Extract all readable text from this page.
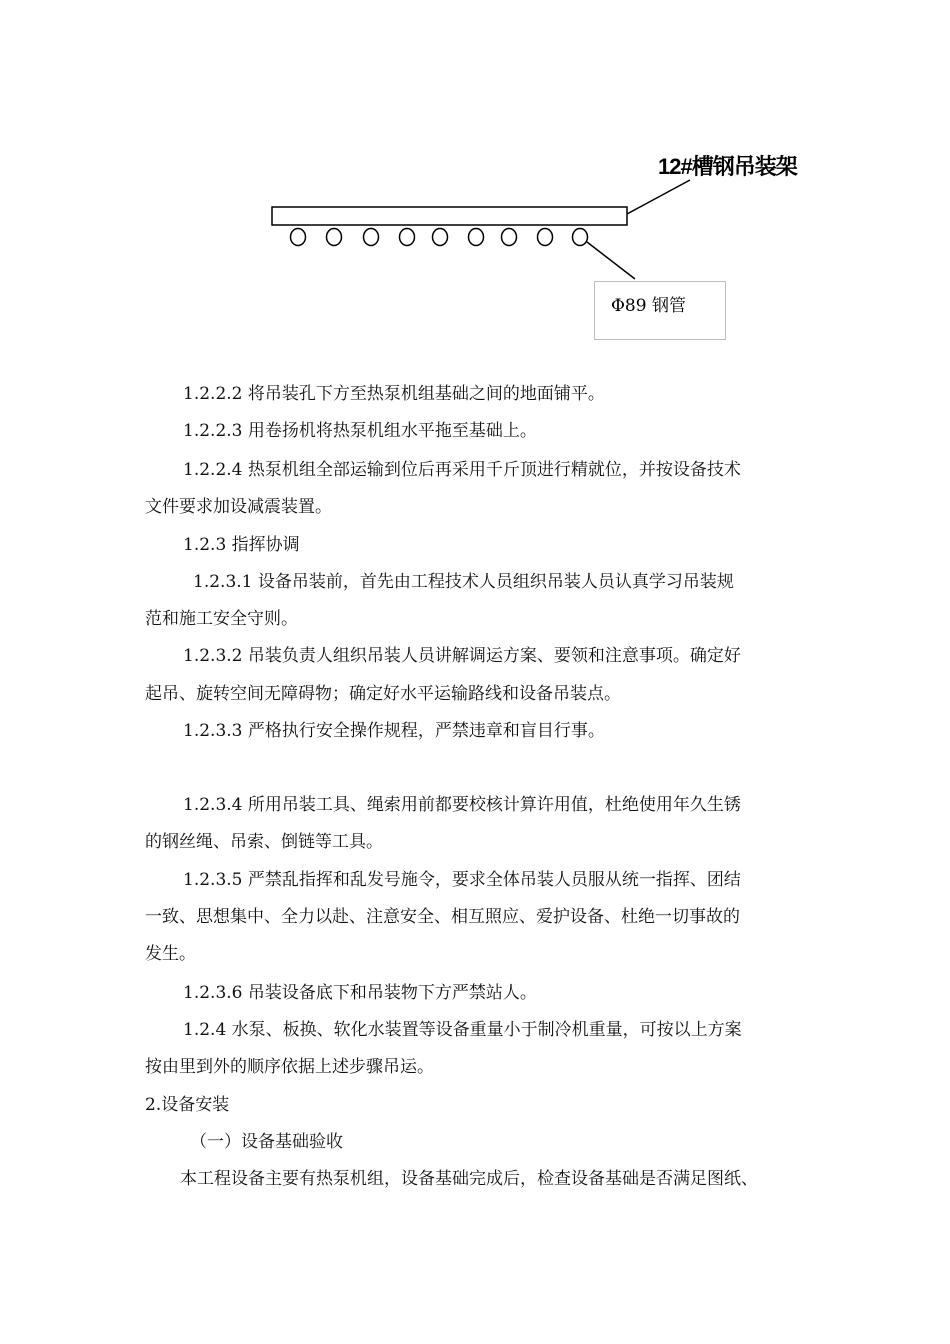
12#槽钢吊装架
Φ89 钢管
1.2.2.2 将吊装孔下方至热泵机组基础之间的地面铺平。
1.2.2.3 用卷扬机将热泵机组水平拖至基础上。
1.2.2.4 热泵机组全部运输到位后再采用千斤顶进行精就位，并按设备技术
文件要求加设减震装置。
1.2.3 指挥协调
1.2.3.1 设备吊装前，首先由工程技术人员组织吊装人员认真学习吊装规
范和施工安全守则。
1.2.3.2 吊装负责人组织吊装人员讲解调运方案、要领和注意事项。确定好
起吊、旋转空间无障碍物；确定好水平运输路线和设备吊装点。
1.2.3.3 严格执行安全操作规程，严禁违章和盲目行事。
1.2.3.4 所用吊装工具、绳索用前都要校核计算许用值，杜绝使用年久生锈
的钢丝绳、吊索、倒链等工具。
1.2.3.5 严禁乱指挥和乱发号施令，要求全体吊装人员服从统一指挥、团结
一致、思想集中、全力以赴、注意安全、相互照应、爱护设备、杜绝一切事故的
发生。
1.2.3.6 吊装设备底下和吊装物下方严禁站人。
1.2.4 水泵、板换、软化水装置等设备重量小于制冷机重量，可按以上方案
按由里到外的顺序依据上述步骤吊运。
2.设备安装
（一）设备基础验收
本工程设备主要有热泵机组，设备基础完成后，检查设备基础是否满足图纸、
